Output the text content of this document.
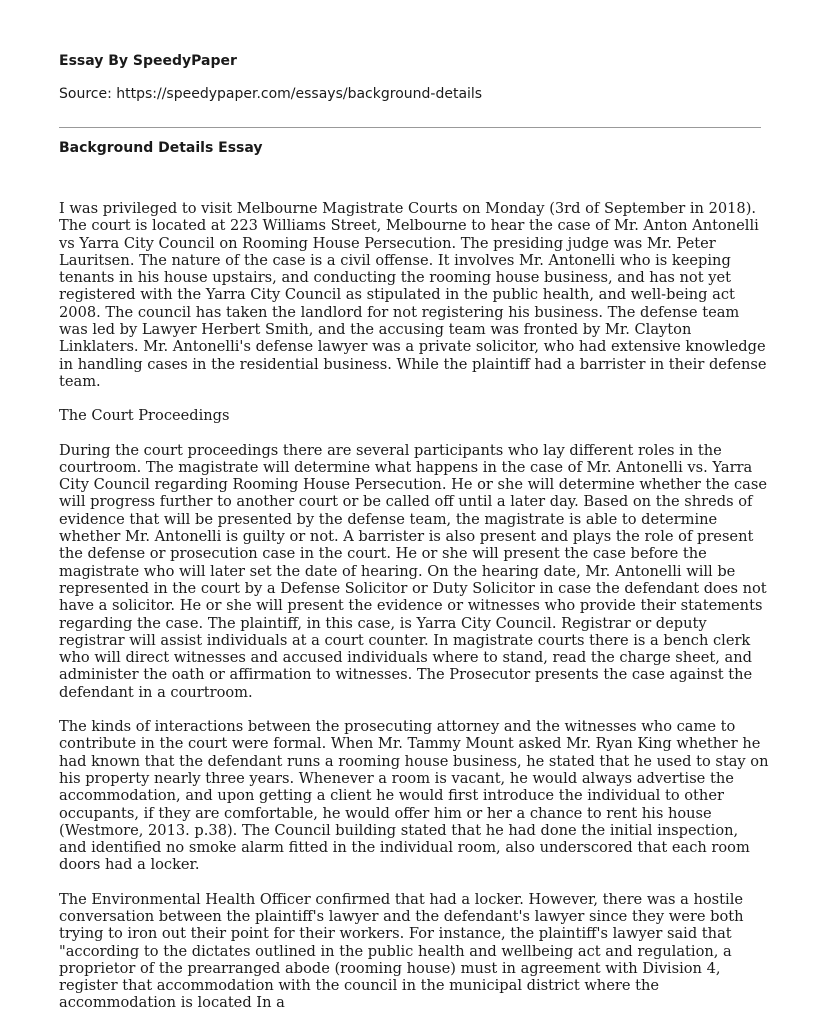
Essay By SpeedyPaper

Source: https://speedypaper.com/essays/background-details

Background Details Essay

I was privileged to visit Melbourne Magistrate Courts on Monday (3rd of September in 2018). The court is located at 223 Williams Street, Melbourne to hear the case of Mr. Anton Antonelli vs Yarra City Council on Rooming House Persecution. The presiding judge was Mr. Peter Lauritsen. The nature of the case is a civil offense. It involves Mr. Antonelli who is keeping tenants in his house upstairs, and conducting the rooming house business, and has not yet registered with the Yarra City Council as stipulated in the public health, and well-being act 2008. The council has taken the landlord for not registering his business. The defense team was led by Lawyer Herbert Smith, and the accusing team was fronted by Mr. Clayton Linklaters. Mr. Antonelli's defense lawyer was a private solicitor, who had extensive knowledge in handling cases in the residential business. While the plaintiff had a barrister in their defense team.

The Court Proceedings

During the court proceedings there are several participants who lay different roles in the courtroom. The magistrate will determine what happens in the case of Mr. Antonelli vs. Yarra City Council regarding Rooming House Persecution. He or she will determine whether the case will progress further to another court or be called off until a later day. Based on the shreds of evidence that will be presented by the defense team, the magistrate is able to determine whether Mr. Antonelli is guilty or not. A barrister is also present and plays the role of present the defense or prosecution case in the court. He or she will present the case before the magistrate who will later set the date of hearing. On the hearing date, Mr. Antonelli will be represented in the court by a Defense Solicitor or Duty Solicitor in case the defendant does not have a solicitor. He or she will present the evidence or witnesses who provide their statements regarding the case. The plaintiff, in this case, is Yarra City Council. Registrar or deputy registrar will assist individuals at a court counter. In magistrate courts there is a bench clerk who will direct witnesses and accused individuals where to stand, read the charge sheet, and administer the oath or affirmation to witnesses. The Prosecutor presents the case against the defendant in a courtroom.

The kinds of interactions between the prosecuting attorney and the witnesses who came to contribute in the court were formal. When Mr. Tammy Mount asked Mr. Ryan King whether he had known that the defendant runs a rooming house business, he stated that he used to stay on his property nearly three years. Whenever a room is vacant, he would always advertise the accommodation, and upon getting a client he would first introduce the individual to other occupants, if they are comfortable, he would offer him or her a chance to rent his house (Westmore, 2013. p.38). The Council building stated that he had done the initial inspection, and identified no smoke alarm fitted in the individual room, also underscored that each room doors had a locker.

The Environmental Health Officer confirmed that had a locker. However, there was a hostile conversation between the plaintiff's lawyer and the defendant's lawyer since they were both trying to iron out their point for their workers. For instance, the plaintiff's lawyer said that "according to the dictates outlined in the public health and wellbeing act and regulation, a proprietor of the prearranged abode (rooming house) must in agreement with Division 4, register that accommodation with the council in the municipal district where the accommodation is located In a
